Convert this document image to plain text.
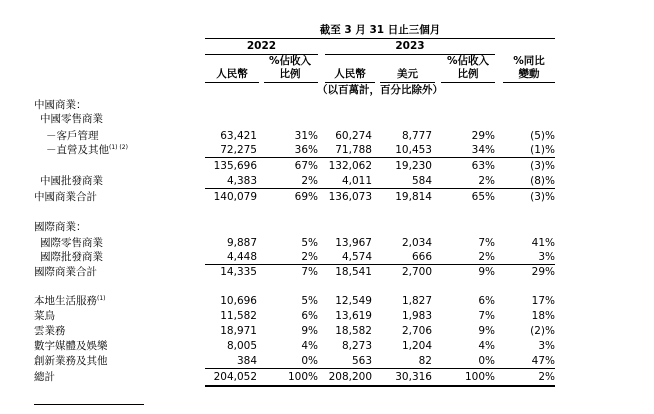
截至 3 月 31 日止三個月
2022	2023
%佔收入	%佔收入	%同比
人民幣	比例	人民幣	美元	比例	變動
（以百萬計，百分比除外）
中國商業：
中國零售商業
－客戶管理	63,421	31%	60,274	8,777	29%	(5)%
－直營及其他$^{(1) (2)}$	72,275	36%	71,788	10,453	34%	(1)%
135,696	67%	132,062	19,230	63%	(3)%
中國批發商業	4,383	2%	4,011	584	2%	(8)%
中國商業合計	140,079	69%	136,073	19,814	65%	(3)%
國際商業：
國際零售商業	9,887	5%	13,967	2,034	7%	41%
國際批發商業	4,448	2%	4,574	666	2%	3%
國際商業合計	14,335	7%	18,541	2,700	9%	29%
本地生活服務$^{(1)}$	10,696	5%	12,549	1,827	6%	17%
菜鳥	11,582	6%	13,619	1,983	7%	18%
雲業務	18,971	9%	18,582	2,706	9%	(2)%
數字媒體及娛樂	8,005	4%	8,273	1,204	4%	3%
創新業務及其他	384	0%	563	82	0%	47%
總計	204,052	100%	208,200	30,316	100%	2%
